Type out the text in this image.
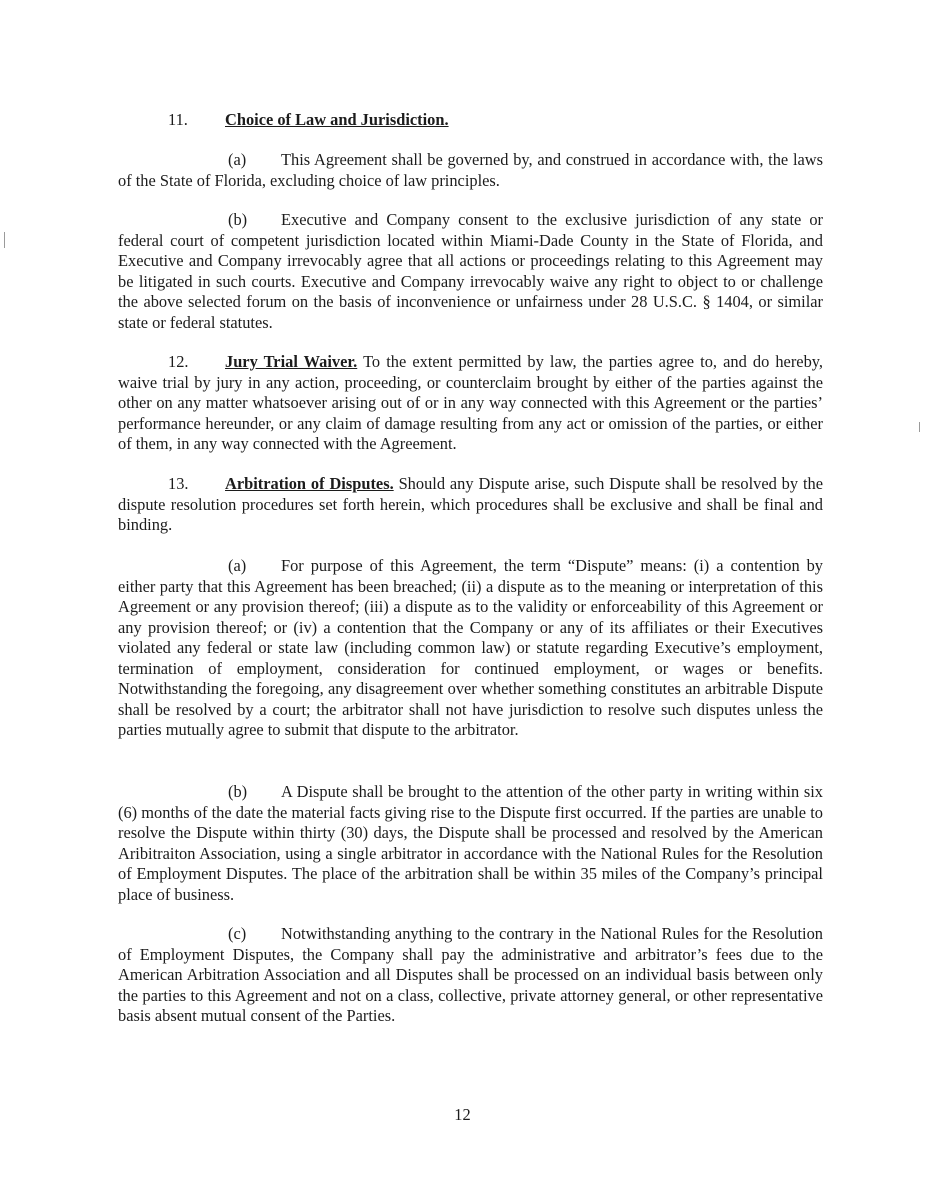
11. Choice of Law and Jurisdiction.

(a) This Agreement shall be governed by, and construed in accordance with, the laws of the State of Florida, excluding choice of law principles.

(b) Executive and Company consent to the exclusive jurisdiction of any state or federal court of competent jurisdiction located within Miami-Dade County in the State of Florida, and Executive and Company irrevocably agree that all actions or proceedings relating to this Agreement may be litigated in such courts. Executive and Company irrevocably waive any right to object to or challenge the above selected forum on the basis of inconvenience or unfairness under 28 U.S.C. § 1404, or similar state or federal statutes.

12. Jury Trial Waiver. To the extent permitted by law, the parties agree to, and do hereby, waive trial by jury in any action, proceeding, or counterclaim brought by either of the parties against the other on any matter whatsoever arising out of or in any way connected with this Agreement or the parties’ performance hereunder, or any claim of damage resulting from any act or omission of the parties, or either of them, in any way connected with the Agreement.

13. Arbitration of Disputes. Should any Dispute arise, such Dispute shall be resolved by the dispute resolution procedures set forth herein, which procedures shall be exclusive and shall be final and binding.

(a) For purpose of this Agreement, the term “Dispute” means: (i) a contention by either party that this Agreement has been breached; (ii) a dispute as to the meaning or interpretation of this Agreement or any provision thereof; (iii) a dispute as to the validity or enforceability of this Agreement or any provision thereof; or (iv) a contention that the Company or any of its affiliates or their Executives violated any federal or state law (including common law) or statute regarding Executive’s employment, termination of employment, consideration for continued employment, or wages or benefits. Notwithstanding the foregoing, any disagreement over whether something constitutes an arbitrable Dispute shall be resolved by a court; the arbitrator shall not have jurisdiction to resolve such disputes unless the parties mutually agree to submit that dispute to the arbitrator.

(b) A Dispute shall be brought to the attention of the other party in writing within six (6) months of the date the material facts giving rise to the Dispute first occurred. If the parties are unable to resolve the Dispute within thirty (30) days, the Dispute shall be processed and resolved by the American Aribitraiton Association, using a single arbitrator in accordance with the National Rules for the Resolution of Employment Disputes. The place of the arbitration shall be within 35 miles of the Company’s principal place of business.

(c) Notwithstanding anything to the contrary in the National Rules for the Resolution of Employment Disputes, the Company shall pay the administrative and arbitrator’s fees due to the American Arbitration Association and all Disputes shall be processed on an individual basis between only the parties to this Agreement and not on a class, collective, private attorney general, or other representative basis absent mutual consent of the Parties.

12
